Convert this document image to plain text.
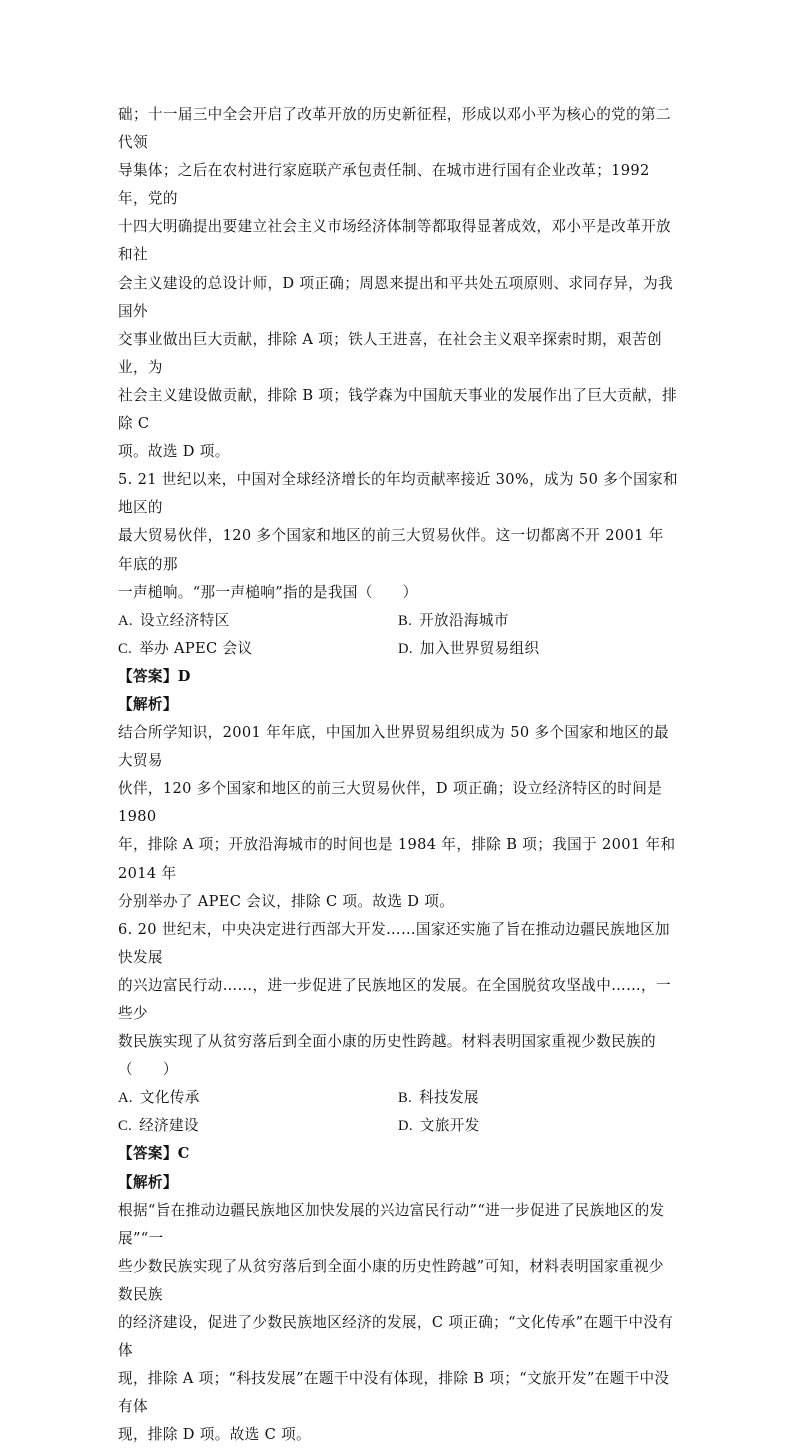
础；十一届三中全会开启了改革开放的历史新征程，形成以邓小平为核心的党的第二代领

导集体；之后在农村进行家庭联产承包责任制、在城市进行国有企业改革；1992 年，党的

十四大明确提出要建立社会主义市场经济体制等都取得显著成效，邓小平是改革开放和社

会主义建设的总设计师，D 项正确；周恩来提出和平共处五项原则、求同存异，为我国外

交事业做出巨大贡献，排除 A 项；铁人王进喜，在社会主义艰辛探索时期，艰苦创业，为

社会主义建设做贡献，排除 B 项；钱学森为中国航天事业的发展作出了巨大贡献，排除 C

项。故选 D 项。

5. 21 世纪以来，中国对全球经济增长的年均贡献率接近 30%，成为 50 多个国家和地区的

最大贸易伙伴，120 多个国家和地区的前三大贸易伙伴。这一切都离不开 2001 年年底的那

一声槌响。“那一声槌响”指的是我国（　　）

A. 设立经济特区	B. 开放沿海城市
C. 举办 APEC 会议	D. 加入世界贸易组织

【答案】D

【解析】

结合所学知识，2001 年年底，中国加入世界贸易组织成为 50 多个国家和地区的最大贸易

伙伴，120 多个国家和地区的前三大贸易伙伴，D 项正确；设立经济特区的时间是 1980

年，排除 A 项；开放沿海城市的时间也是 1984 年，排除 B 项；我国于 2001 年和 2014 年

分别举办了 APEC 会议，排除 C 项。故选 D 项。

6. 20 世纪末，中央决定进行西部大开发……国家还实施了旨在推动边疆民族地区加快发展

的兴边富民行动……，进一步促进了民族地区的发展。在全国脱贫攻坚战中……，一些少

数民族实现了从贫穷落后到全面小康的历史性跨越。材料表明国家重视少数民族的（　　）

A. 文化传承	B. 科技发展
C. 经济建设	D. 文旅开发

【答案】C

【解析】

根据“旨在推动边疆民族地区加快发展的兴边富民行动”“进一步促进了民族地区的发展”“一

些少数民族实现了从贫穷落后到全面小康的历史性跨越”可知，材料表明国家重视少数民族

的经济建设，促进了少数民族地区经济的发展，C 项正确；“文化传承”在题干中没有体

现，排除 A 项；“科技发展”在题干中没有体现，排除 B 项；“文旅开发”在题干中没有体

现，排除 D 项。故选 C 项。
